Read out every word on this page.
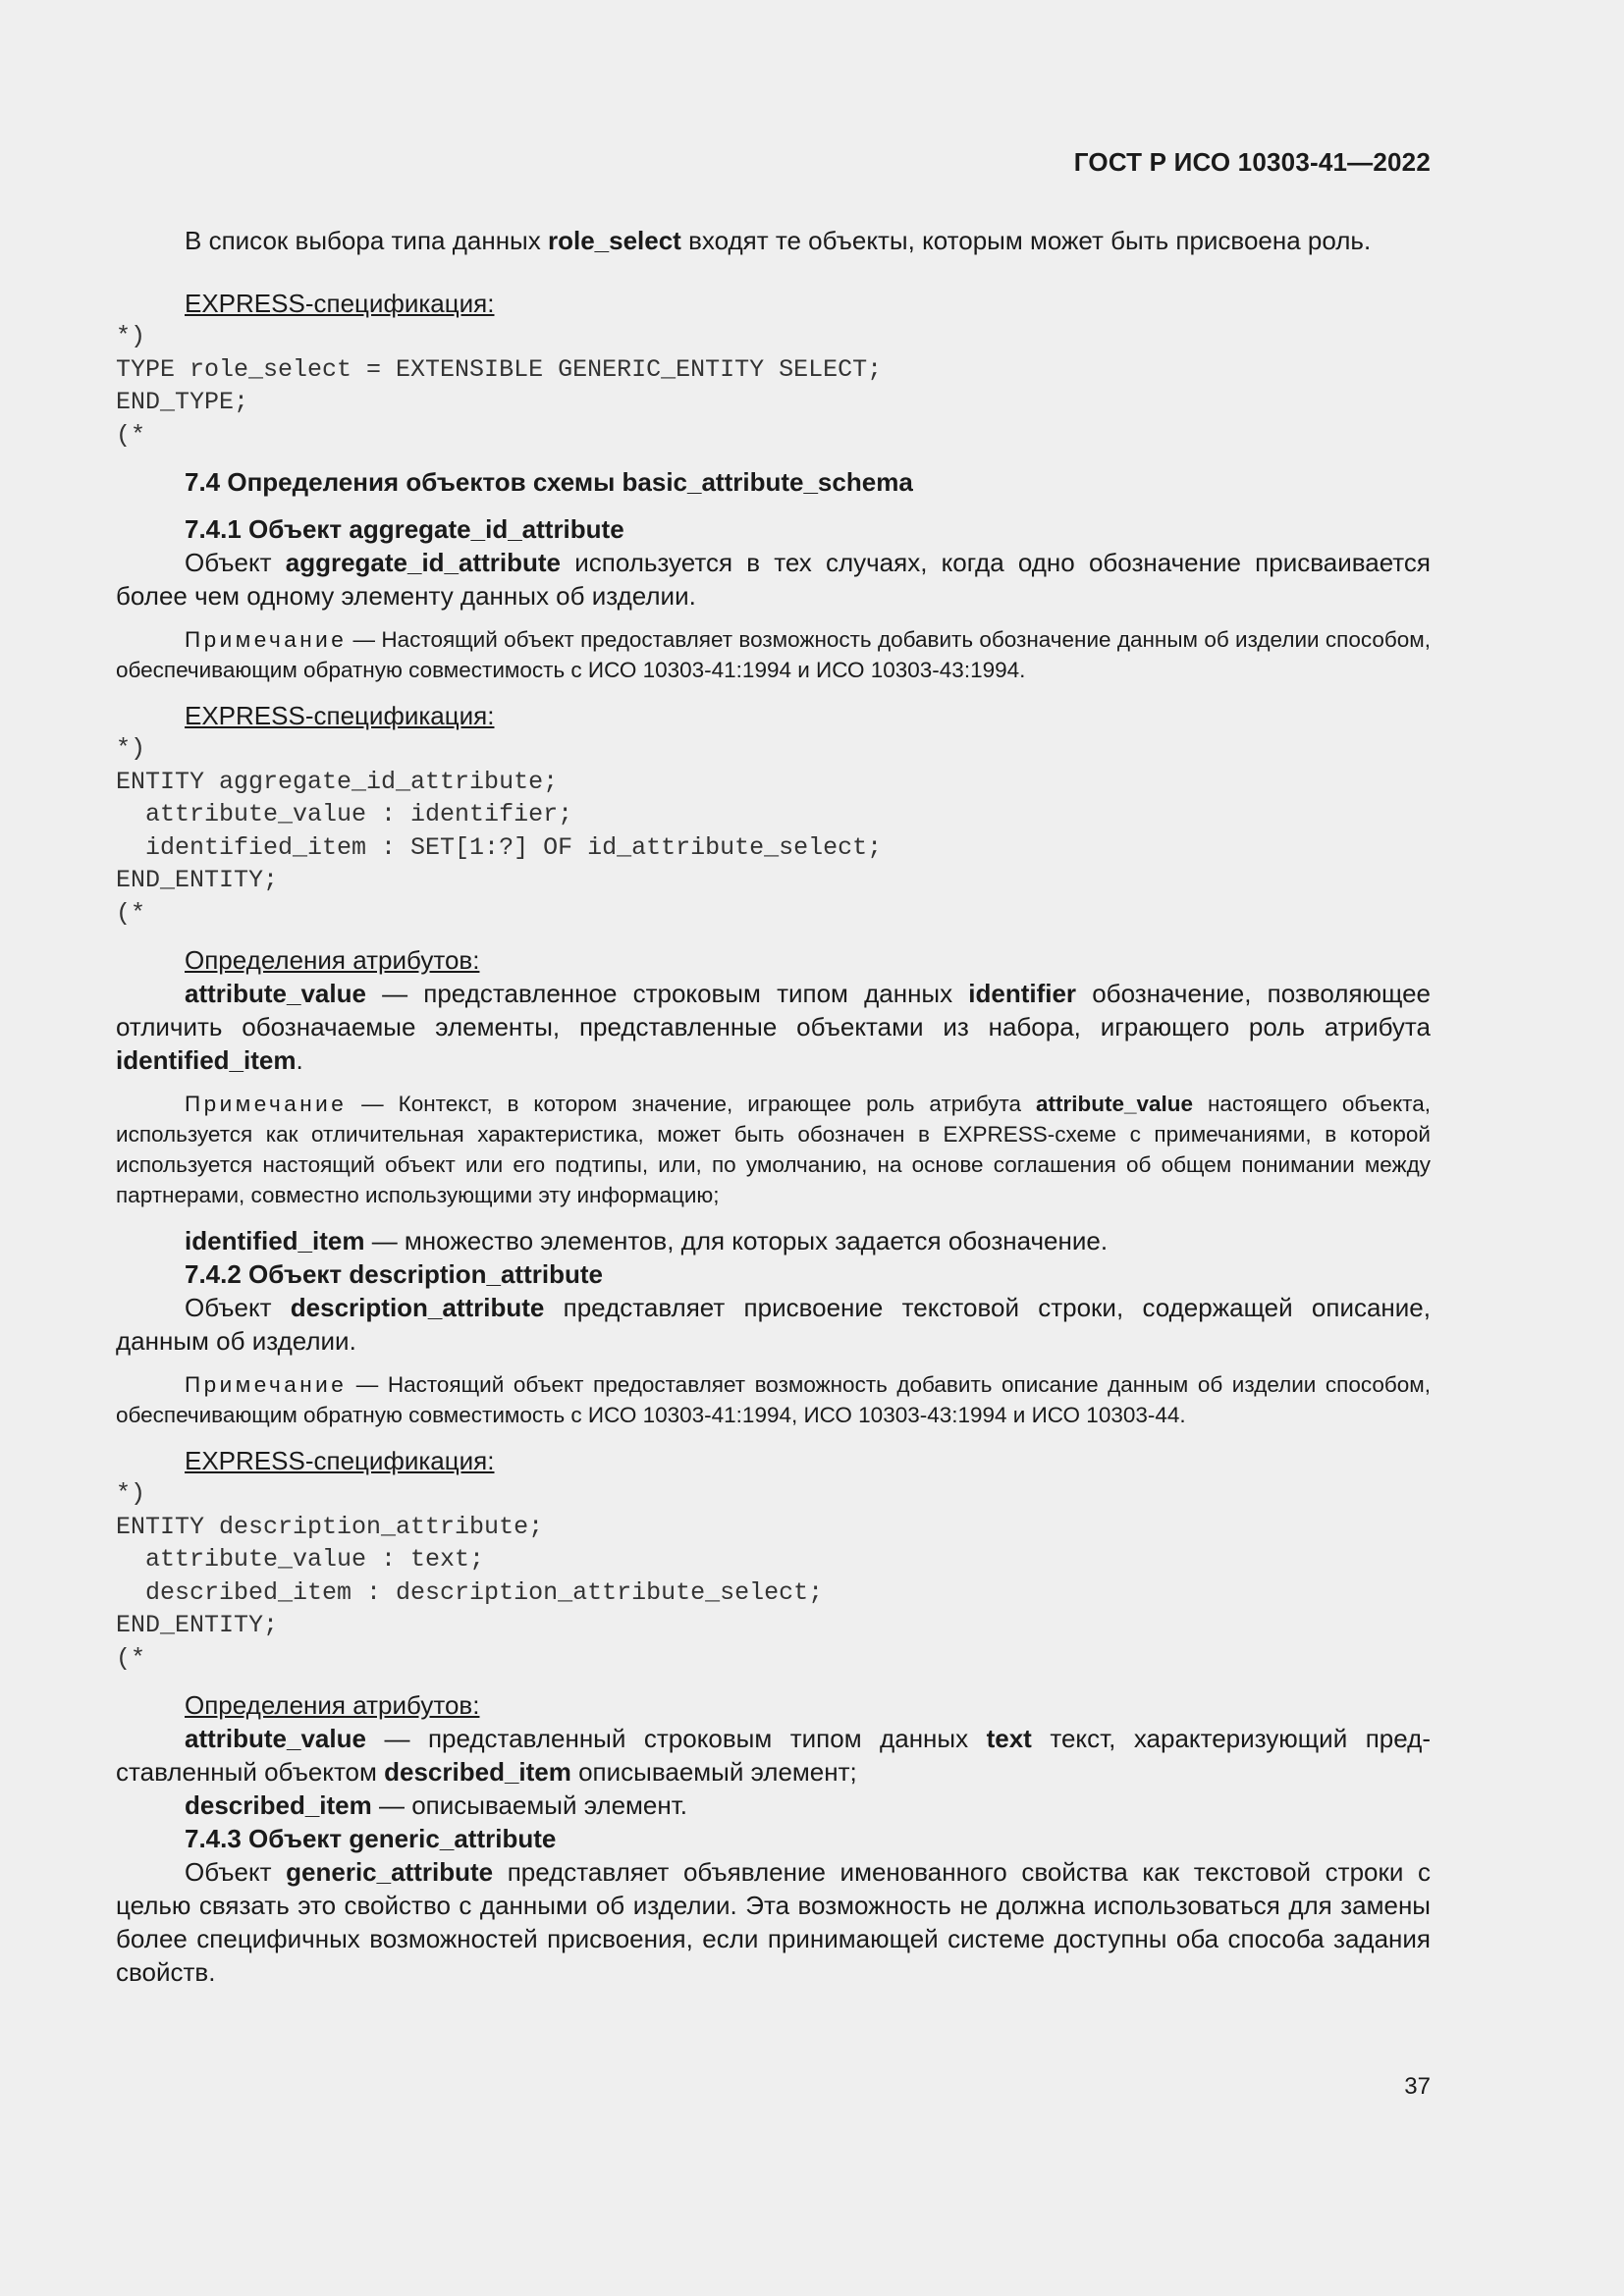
ГОСТ Р ИСО 10303-41—2022

В список выбора типа данных role_select входят те объекты, которым может быть присвоена роль.

EXPRESS-спецификация:

*)
TYPE role_select = EXTENSIBLE GENERIC_ENTITY SELECT;
END_TYPE;
(*

7.4 Определения объектов схемы basic_attribute_schema

7.4.1 Объект aggregate_id_attribute

Объект aggregate_id_attribute используется в тех случаях, когда одно обозначение присваивается более чем одному элементу данных об изделии.

Примечание — Настоящий объект предоставляет возможность добавить обозначение данным об изделии способом, обеспечивающим обратную совместимость с ИСО 10303-41:1994 и ИСО 10303-43:1994.

EXPRESS-спецификация:

*)
ENTITY aggregate_id_attribute;
attribute_value : identifier;
identified_item : SET[1:?] OF id_attribute_select;
END_ENTITY;
(*

Определения атрибутов:

attribute_value — представленное строковым типом данных identifier обозначение, позволяющее отличить обозначаемые элементы, представленные объектами из набора, играющего роль атрибута identified_item.

Примечание — Контекст, в котором значение, играющее роль атрибута attribute_value настоящего объекта, используется как отличительная характеристика, может быть обозначен в EXPRESS-схеме с примечаниями, в которой используется настоящий объект или его подтипы, или, по умолчанию, на основе соглашения об общем понимании между партнерами, совместно использующими эту информацию;

identified_item — множество элементов, для которых задается обозначение.

7.4.2 Объект description_attribute

Объект description_attribute представляет присвоение текстовой строки, содержащей описание, данным об изделии.

Примечание — Настоящий объект предоставляет возможность добавить описание данным об изделии способом, обеспечивающим обратную совместимость с ИСО 10303-41:1994, ИСО 10303-43:1994 и ИСО 10303-44.

EXPRESS-спецификация:

*)
ENTITY description_attribute;
attribute_value : text;
described_item : description_attribute_select;
END_ENTITY;
(*

Определения атрибутов:

attribute_value — представленный строковым типом данных text текст, характеризующий представленный объектом described_item описываемый элемент;

described_item — описываемый элемент.

7.4.3 Объект generic_attribute

Объект generic_attribute представляет объявление именованного свойства как текстовой строки с целью связать это свойство с данными об изделии. Эта возможность не должна использоваться для замены более специфичных возможностей присвоения, если принимающей системе доступны оба способа задания свойств.

37
